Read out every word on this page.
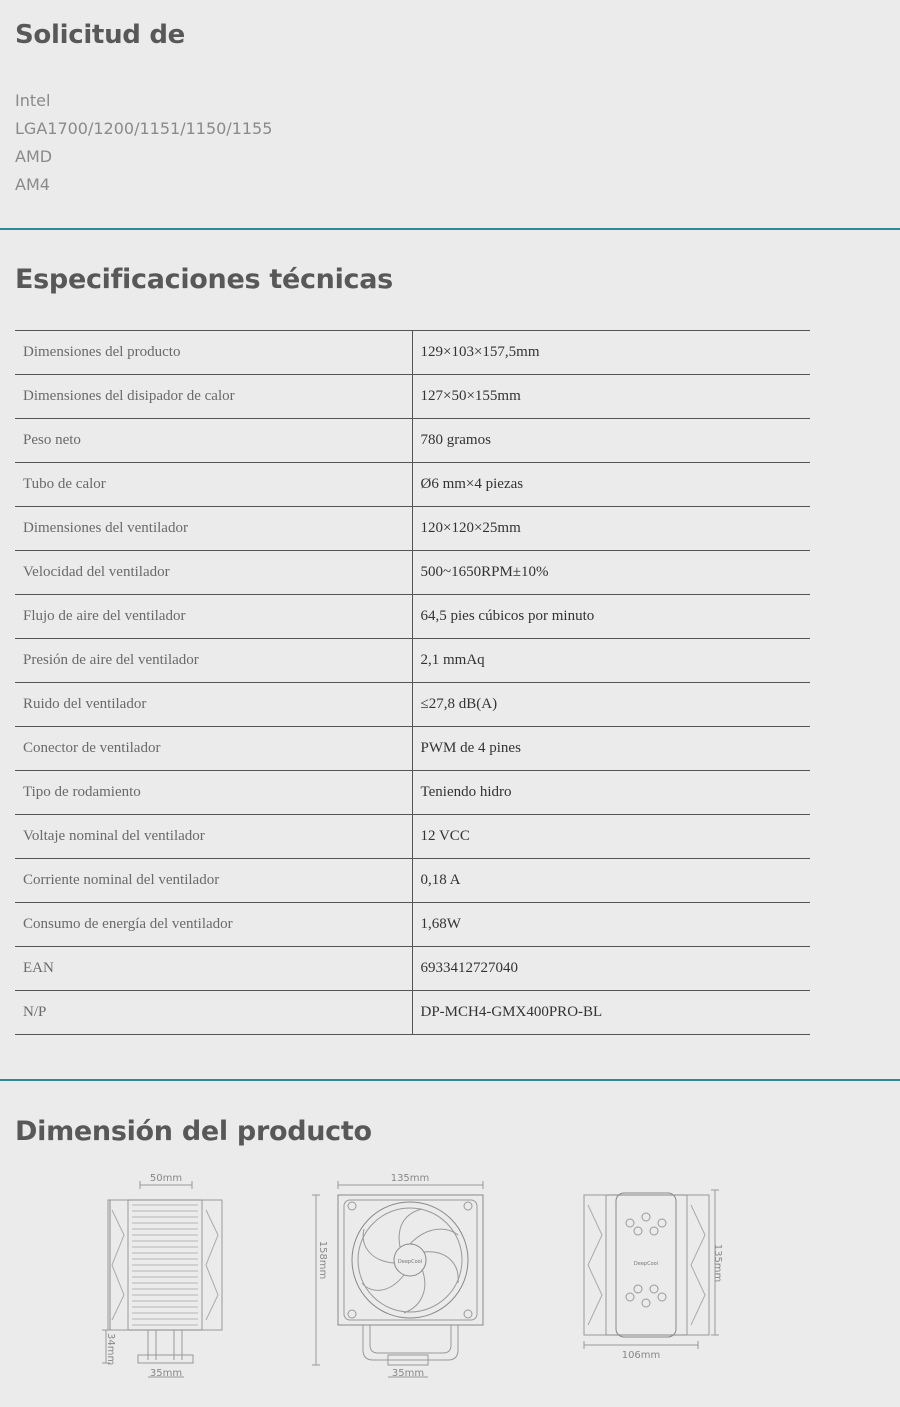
Solicitud de
Intel
LGA1700/1200/1151/1150/1155
AMD
AM4
Especificaciones técnicas
Dimensiones del producto	129×103×157,5mm
Dimensiones del disipador de calor	127×50×155mm
Peso neto	780 gramos
Tubo de calor	Ø6 mm×4 piezas
Dimensiones del ventilador	120×120×25mm
Velocidad del ventilador	500~1650RPM±10%
Flujo de aire del ventilador	64,5 pies cúbicos por minuto
Presión de aire del ventilador	2,1 mmAq
Ruido del ventilador	≤27,8 dB(A)
Conector de ventilador	PWM de 4 pines
Tipo de rodamiento	Teniendo hidro
Voltaje nominal del ventilador	12 VCC
Corriente nominal del ventilador	0,18 A
Consumo de energía del ventilador	1,68W
EAN	6933412727040
N/P	DP-MCH4-GMX400PRO-BL
Dimensión del producto
50mm
35mm
34mm
135mm
35mm
158mm	DeepCool	DeepCool
106mm
135mm
